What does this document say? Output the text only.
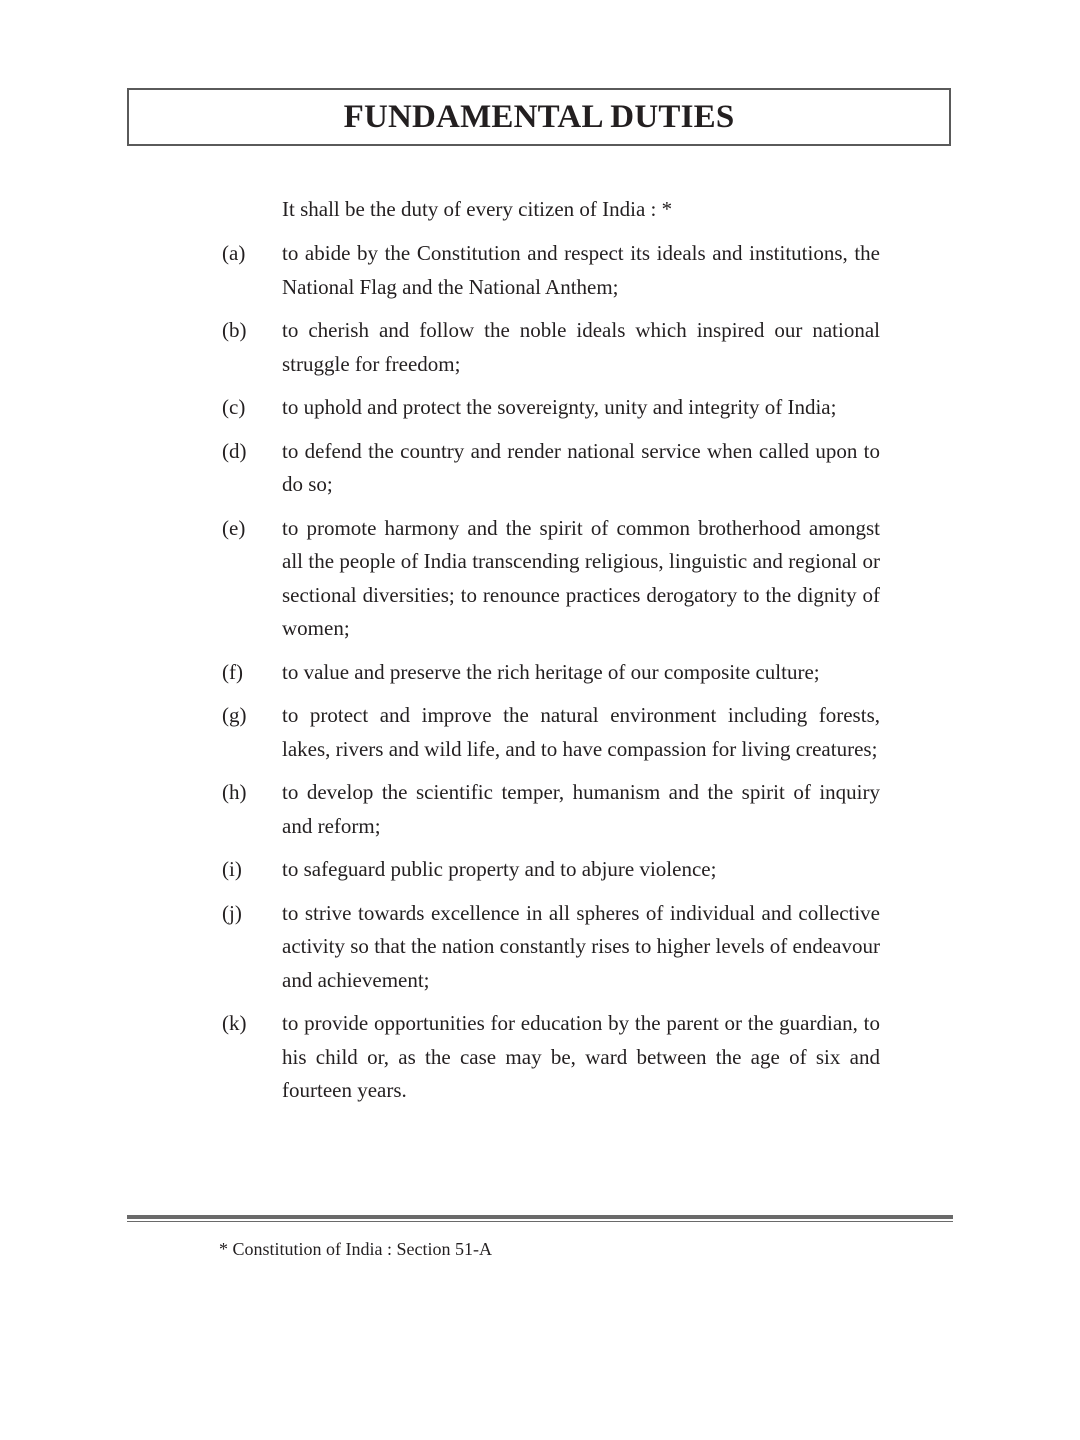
FUNDAMENTAL DUTIES
It shall be the duty of every citizen of India : *
(a)	to abide by the Constitution and respect its ideals and institutions, the National Flag and the National Anthem;
(b)	to cherish and follow the noble ideals which inspired our national struggle for freedom;
(c)	to uphold and protect the sovereignty, unity and integrity of India;
(d)	to defend the country and render national service when called upon to do so;
(e)	to promote harmony and the spirit of common brotherhood amongst all the people of India transcending religious, linguistic and regional or sectional diversities; to renounce practices derogatory to the dignity of women;
(f)	to value and preserve the rich heritage of our composite culture;
(g)	to protect and improve the natural environment including forests, lakes, rivers and wild life, and to have compassion for living creatures;
(h)	to develop the scientific temper, humanism and the spirit of inquiry and reform;
(i)	to safeguard public property and to abjure violence;
(j)	to strive towards excellence in all spheres of individual and collective activity so that the nation constantly rises to higher levels of endeavour and achievement;
(k)	to provide opportunities for education by the parent or the guardian, to his child or, as the case may be, ward between the age of six and fourteen years.
* Constitution of India : Section 51-A
